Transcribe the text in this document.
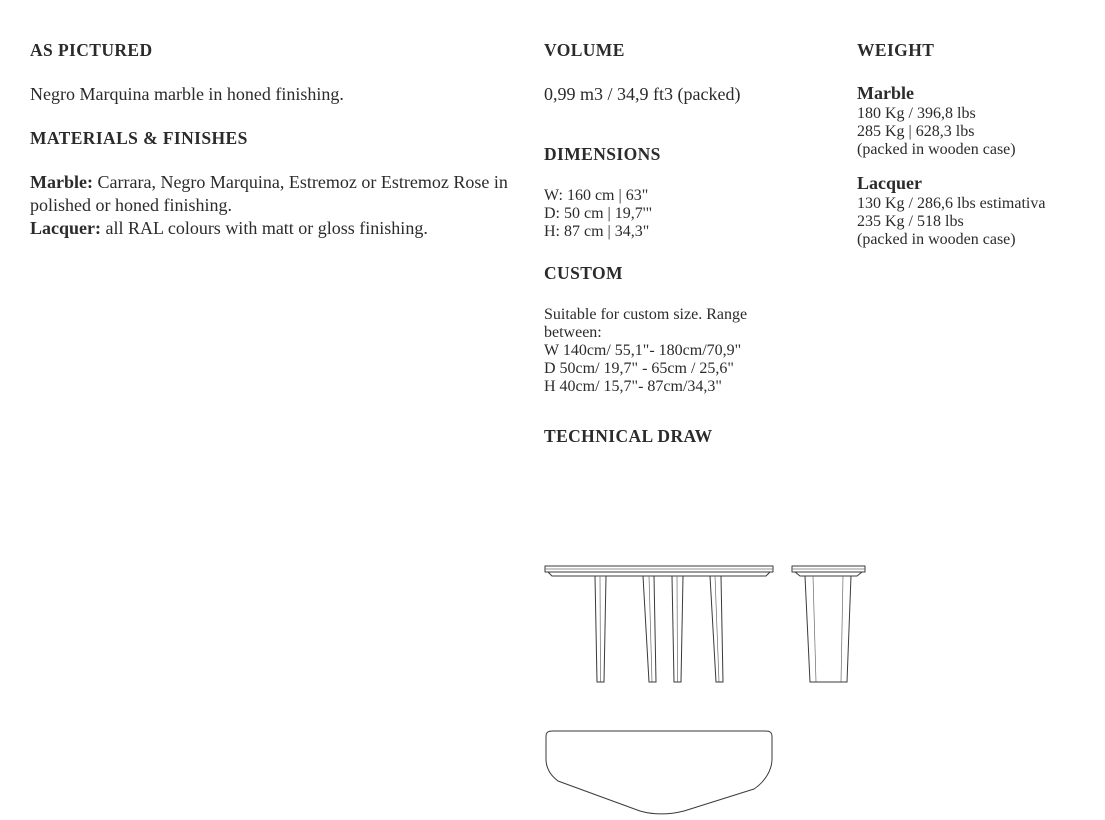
AS PICTURED

Negro Marquina marble in honed finishing.

MATERIALS & FINISHES

Marble: Carrara, Negro Marquina, Estremoz or Estremoz Rose in polished or honed finishing.

Lacquer: all RAL colours with matt or gloss finishing.

VOLUME

0,99 m3 / 34,9 ft3 (packed)

DIMENSIONS
W: 160 cm | 63"
D: 50 cm | 19,7'"
H: 87 cm | 34,3"
CUSTOM
Suitable for custom size. Range
between:
W 140cm/ 55,1"- 180cm/70,9"
D 50cm/ 19,7" - 65cm / 25,6"
H 40cm/ 15,7"- 87cm/34,3"
TECHNICAL DRAW
WEIGHT
Marble
180 Kg / 396,8 lbs
285 Kg | 628,3 lbs
(packed in wooden case)
Lacquer
130 Kg / 286,6 lbs estimativa
235 Kg / 518 lbs
(packed in wooden case)
